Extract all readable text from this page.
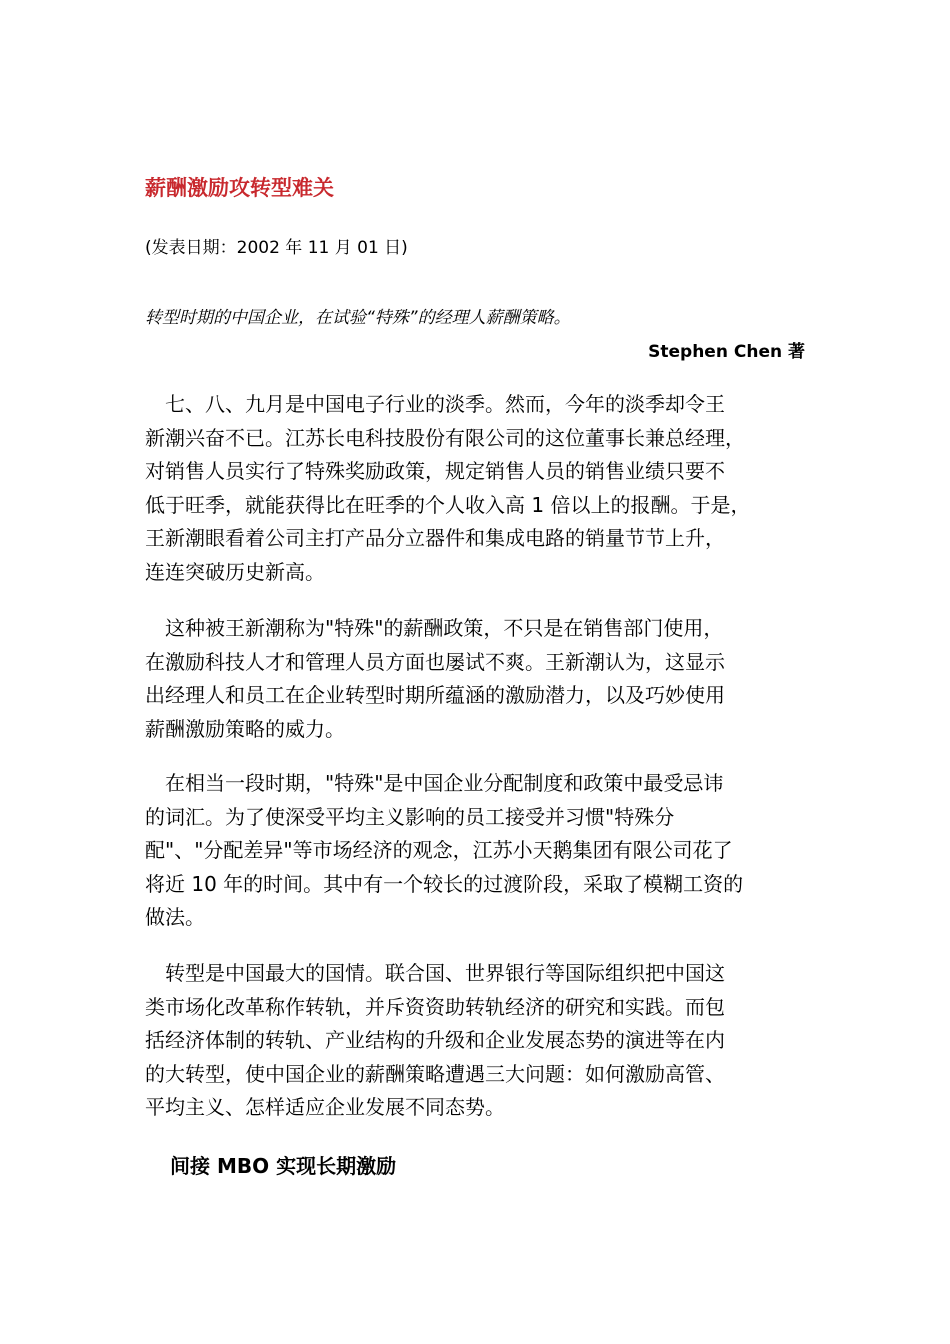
薪酬激励攻转型难关
(发表日期：2002 年 11 月 01 日)
转型时期的中国企业，在试验“特殊”的经理人薪酬策略。
Stephen Chen 著
　七、八、九月是中国电子行业的淡季。然而，今年的淡季却令王
新潮兴奋不已。江苏长电科技股份有限公司的这位董事长兼总经理，
对销售人员实行了特殊奖励政策，规定销售人员的销售业绩只要不
低于旺季，就能获得比在旺季的个人收入高 1 倍以上的报酬。于是，
王新潮眼看着公司主打产品分立器件和集成电路的销量节节上升，
连连突破历史新高。
　这种被王新潮称为"特殊"的薪酬政策，不只是在销售部门使用，
在激励科技人才和管理人员方面也屡试不爽。王新潮认为，这显示
出经理人和员工在企业转型时期所蕴涵的激励潜力，以及巧妙使用
薪酬激励策略的威力。
　在相当一段时期，"特殊"是中国企业分配制度和政策中最受忌讳
的词汇。为了使深受平均主义影响的员工接受并习惯"特殊分
配"、"分配差异"等市场经济的观念，江苏小天鹅集团有限公司花了
将近 10 年的时间。其中有一个较长的过渡阶段，采取了模糊工资的
做法。
　转型是中国最大的国情。联合国、世界银行等国际组织把中国这
类市场化改革称作转轨，并斥资资助转轨经济的研究和实践。而包
括经济体制的转轨、产业结构的升级和企业发展态势的演进等在内
的大转型，使中国企业的薪酬策略遭遇三大问题：如何激励高管、
平均主义、怎样适应企业发展不同态势。
间接 MBO 实现长期激励
